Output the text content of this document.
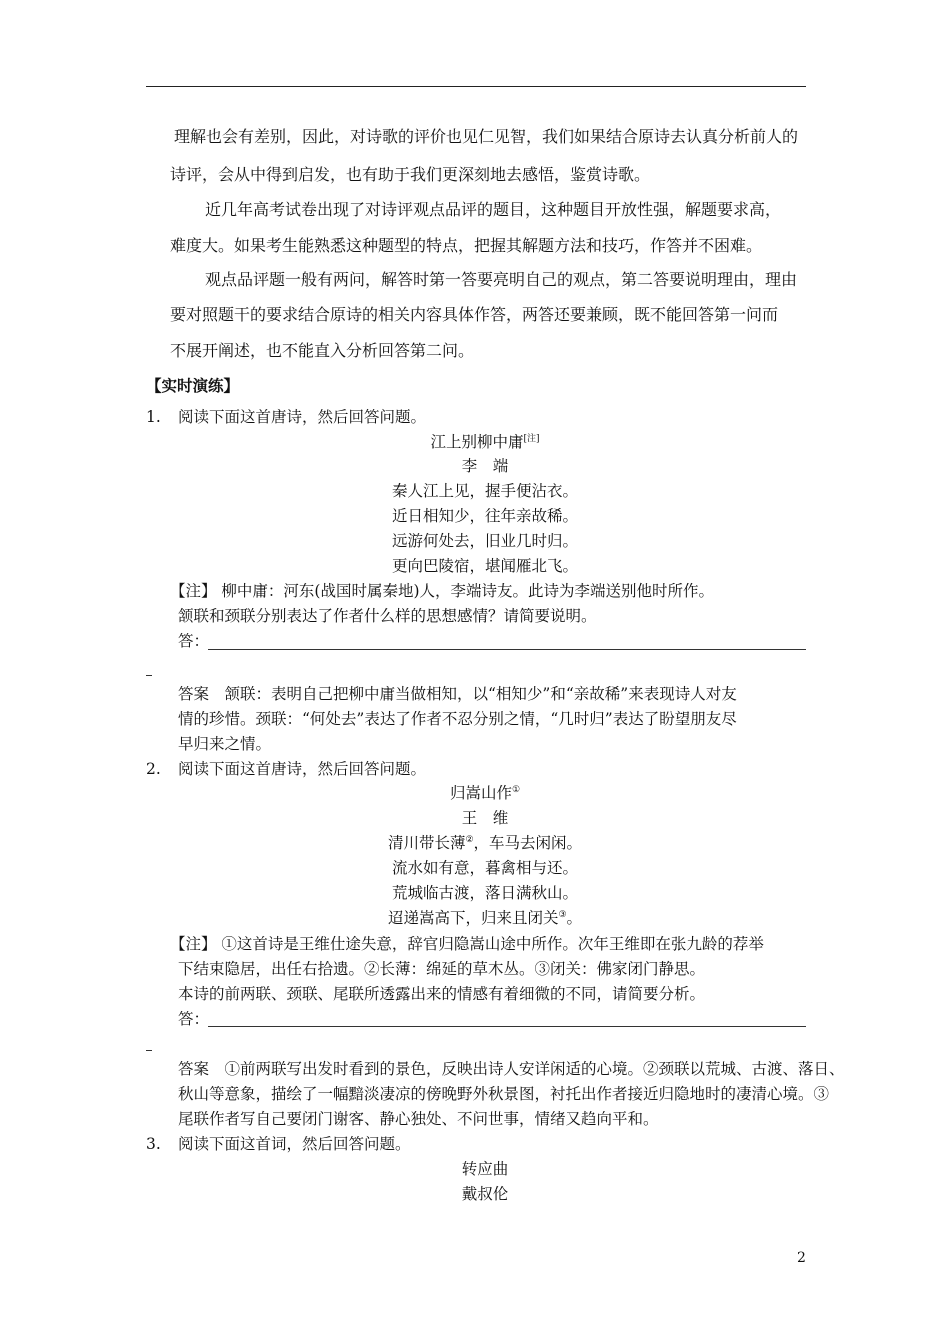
理解也会有差别，因此，对诗歌的评价也见仁见智，我们如果结合原诗去认真分析前人的
诗评，会从中得到启发，也有助于我们更深刻地去感悟，鉴赏诗歌。
近几年高考试卷出现了对诗评观点品评的题目，这种题目开放性强，解题要求高，
难度大。如果考生能熟悉这种题型的特点，把握其解题方法和技巧，作答并不困难。
观点品评题一般有两问，解答时第一答要亮明自己的观点，第二答要说明理由，理由
要对照题干的要求结合原诗的相关内容具体作答，两答还要兼顾，既不能回答第一问而
不展开阐述，也不能直入分析回答第二问。
【实时演练】
1. 阅读下面这首唐诗，然后回答问题。
江上别柳中庸[注]
李　端
秦人江上见，握手便沾衣。
近日相知少，往年亲故稀。
远游何处去，旧业几时归。
更向巴陵宿，堪闻雁北飞。
【注】 柳中庸：河东(战国时属秦地)人，李端诗友。此诗为李端送别他时所作。
颔联和颈联分别表达了作者什么样的思想感情？请简要说明。
答：
答案　颔联：表明自己把柳中庸当做相知，以“相知少”和“亲故稀”来表现诗人对友
情的珍惜。颈联：“何处去”表达了作者不忍分别之情，“几时归”表达了盼望朋友尽
早归来之情。
2. 阅读下面这首唐诗，然后回答问题。
归嵩山作①
王　维
清川带长薄②，车马去闲闲。
流水如有意，暮禽相与还。
荒城临古渡，落日满秋山。
迢递嵩高下，归来且闭关③。
【注】 ①这首诗是王维仕途失意，辞官归隐嵩山途中所作。次年王维即在张九龄的荐举
下结束隐居，出任右拾遗。②长薄：绵延的草木丛。③闭关：佛家闭门静思。
本诗的前两联、颈联、尾联所透露出来的情感有着细微的不同，请简要分析。
答：
答案　①前两联写出发时看到的景色，反映出诗人安详闲适的心境。②颈联以荒城、古渡、落日、
秋山等意象，描绘了一幅黯淡凄凉的傍晚野外秋景图，衬托出作者接近归隐地时的凄清心境。③
尾联作者写自己要闭门谢客、静心独处、不问世事，情绪又趋向平和。
3. 阅读下面这首词，然后回答问题。
转应曲
戴叔伦
2
